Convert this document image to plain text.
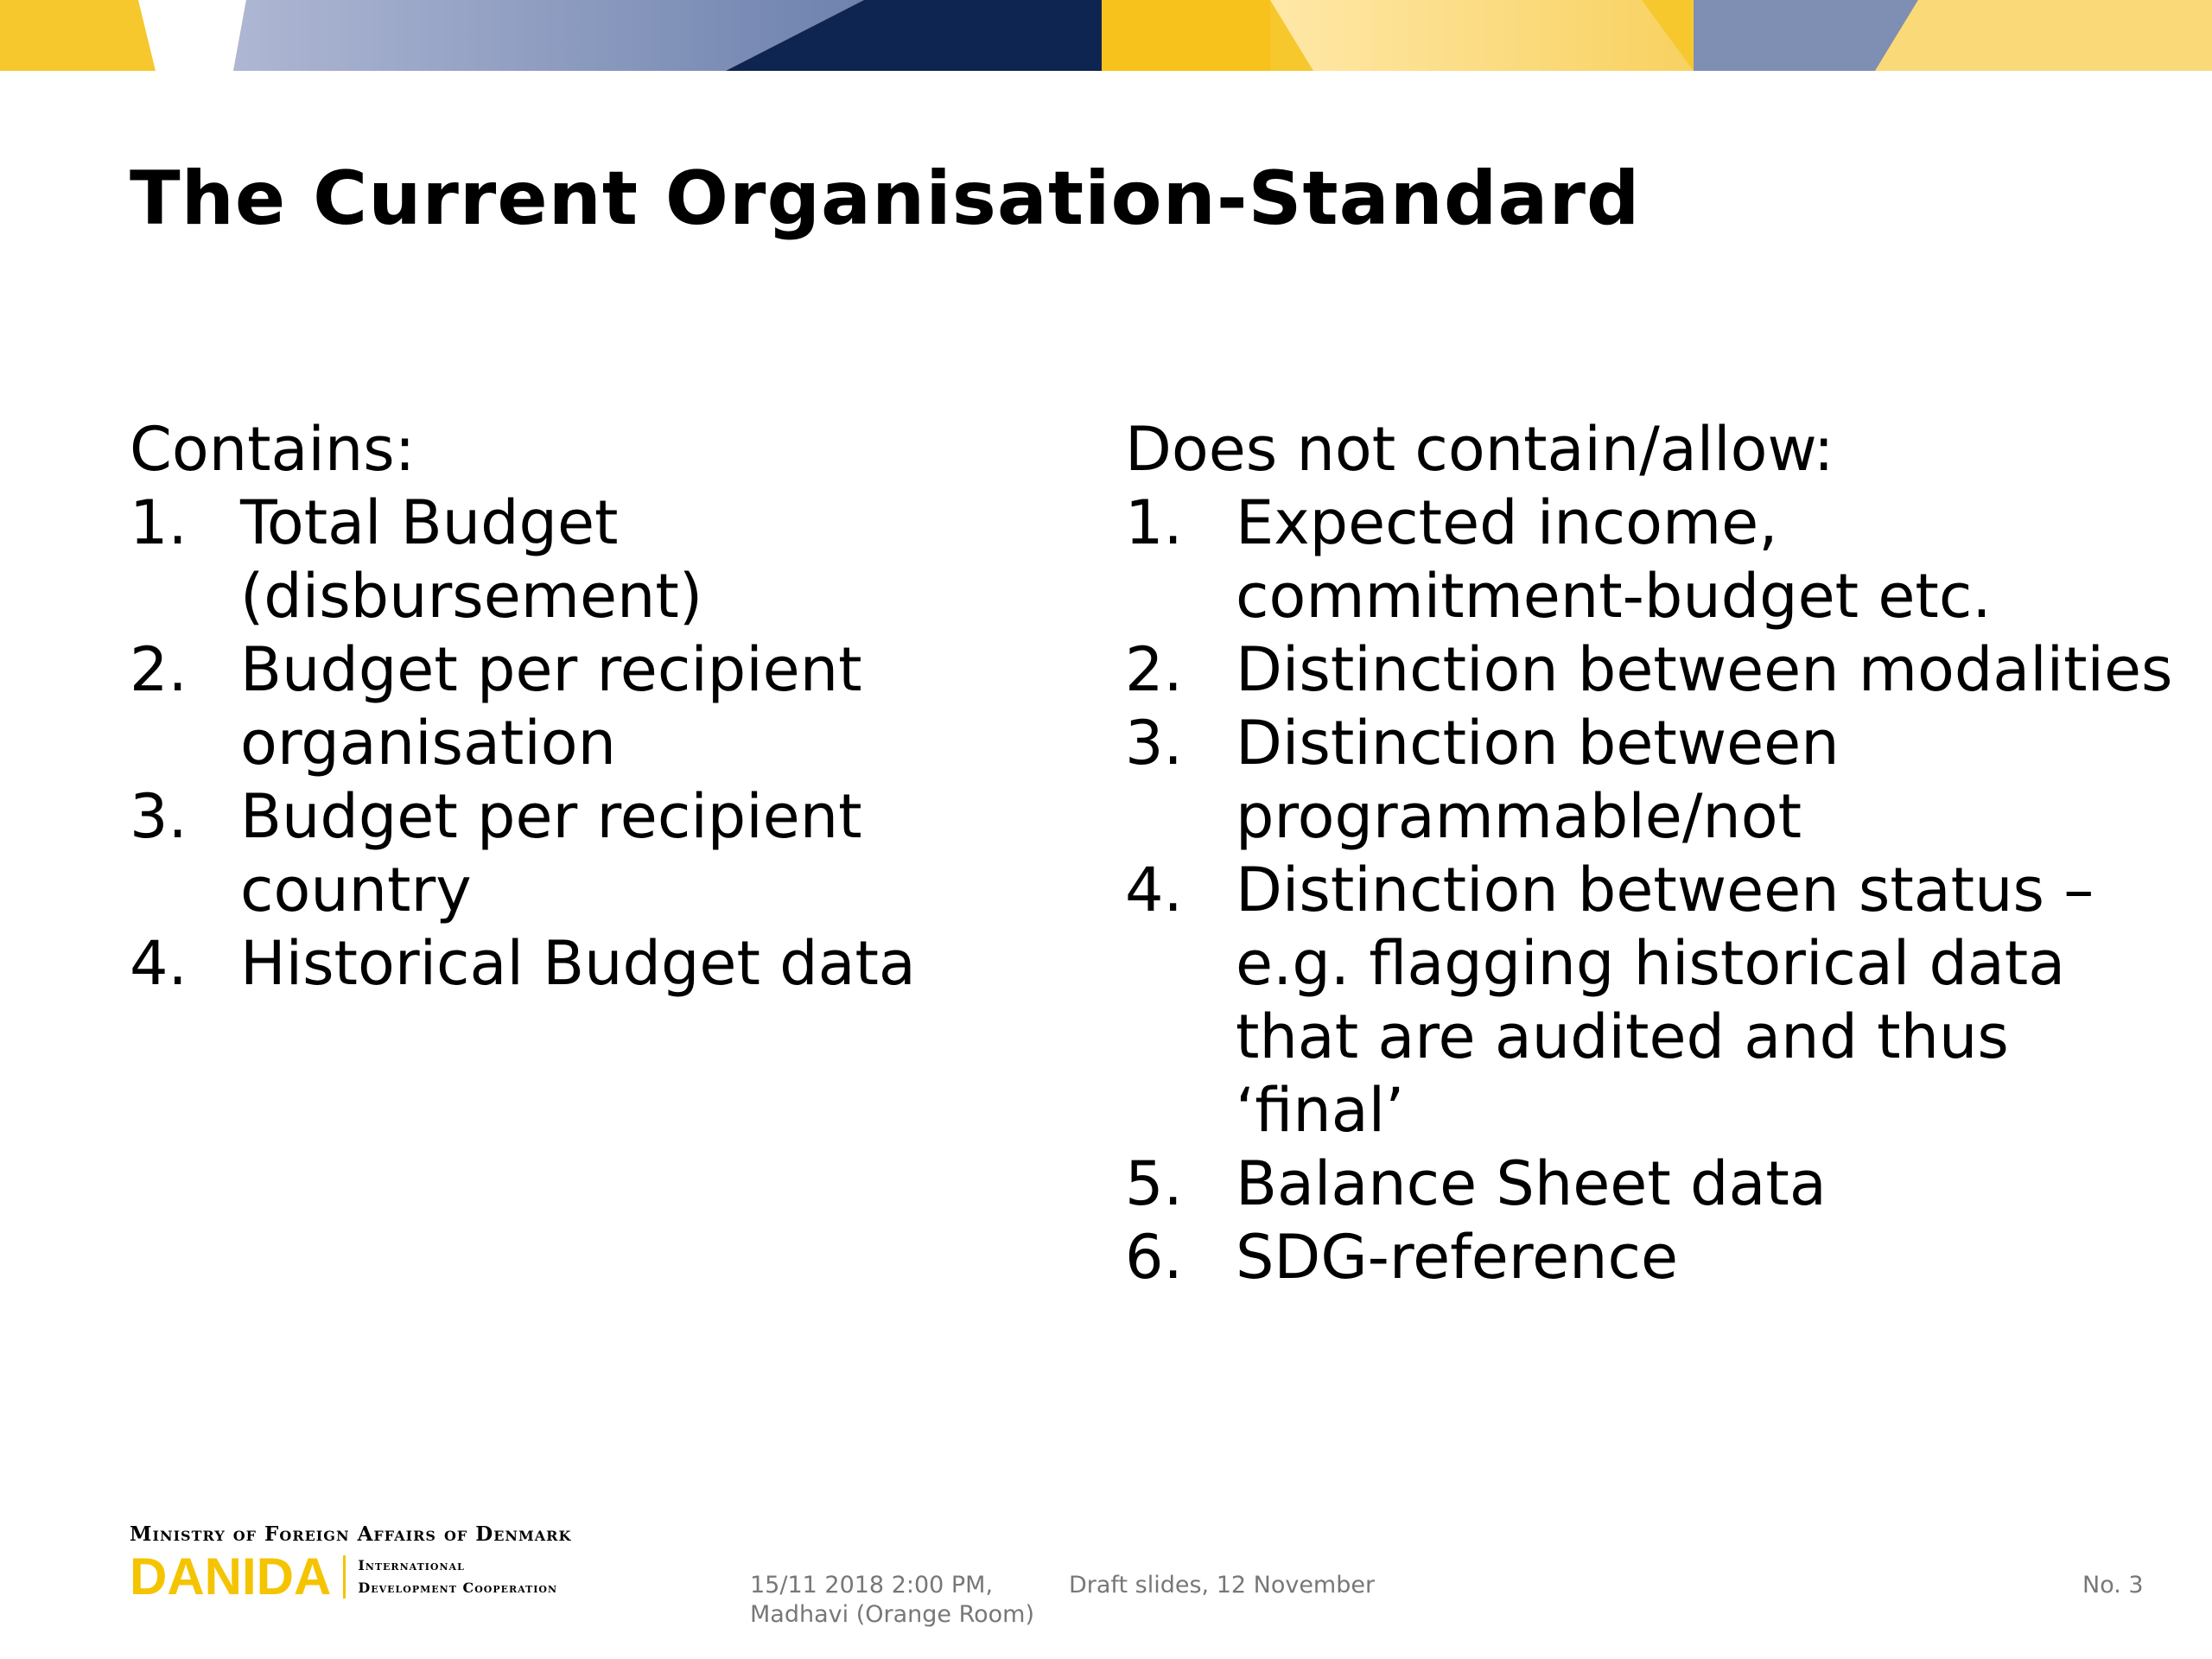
The Current Organisation-Standard
Contains:
1. Total Budget (disbursement)
2. Budget per recipient organisation
3. Budget per recipient country
4. Historical Budget data
Does not contain/allow:
1. Expected income, commitment-budget etc.
2. Distinction between modalities
3. Distinction between programmable/not
4. Distinction between status – e.g. flagging historical data that are audited and thus ‘final’
5. Balance Sheet data
6. SDG-reference
Ministry of Foreign Affairs of Denmark
DANIDA International
Development Cooperation	15/11 2018 2:00 PM,
Madhavi (Orange Room)
Draft slides, 12 November	No. 3
